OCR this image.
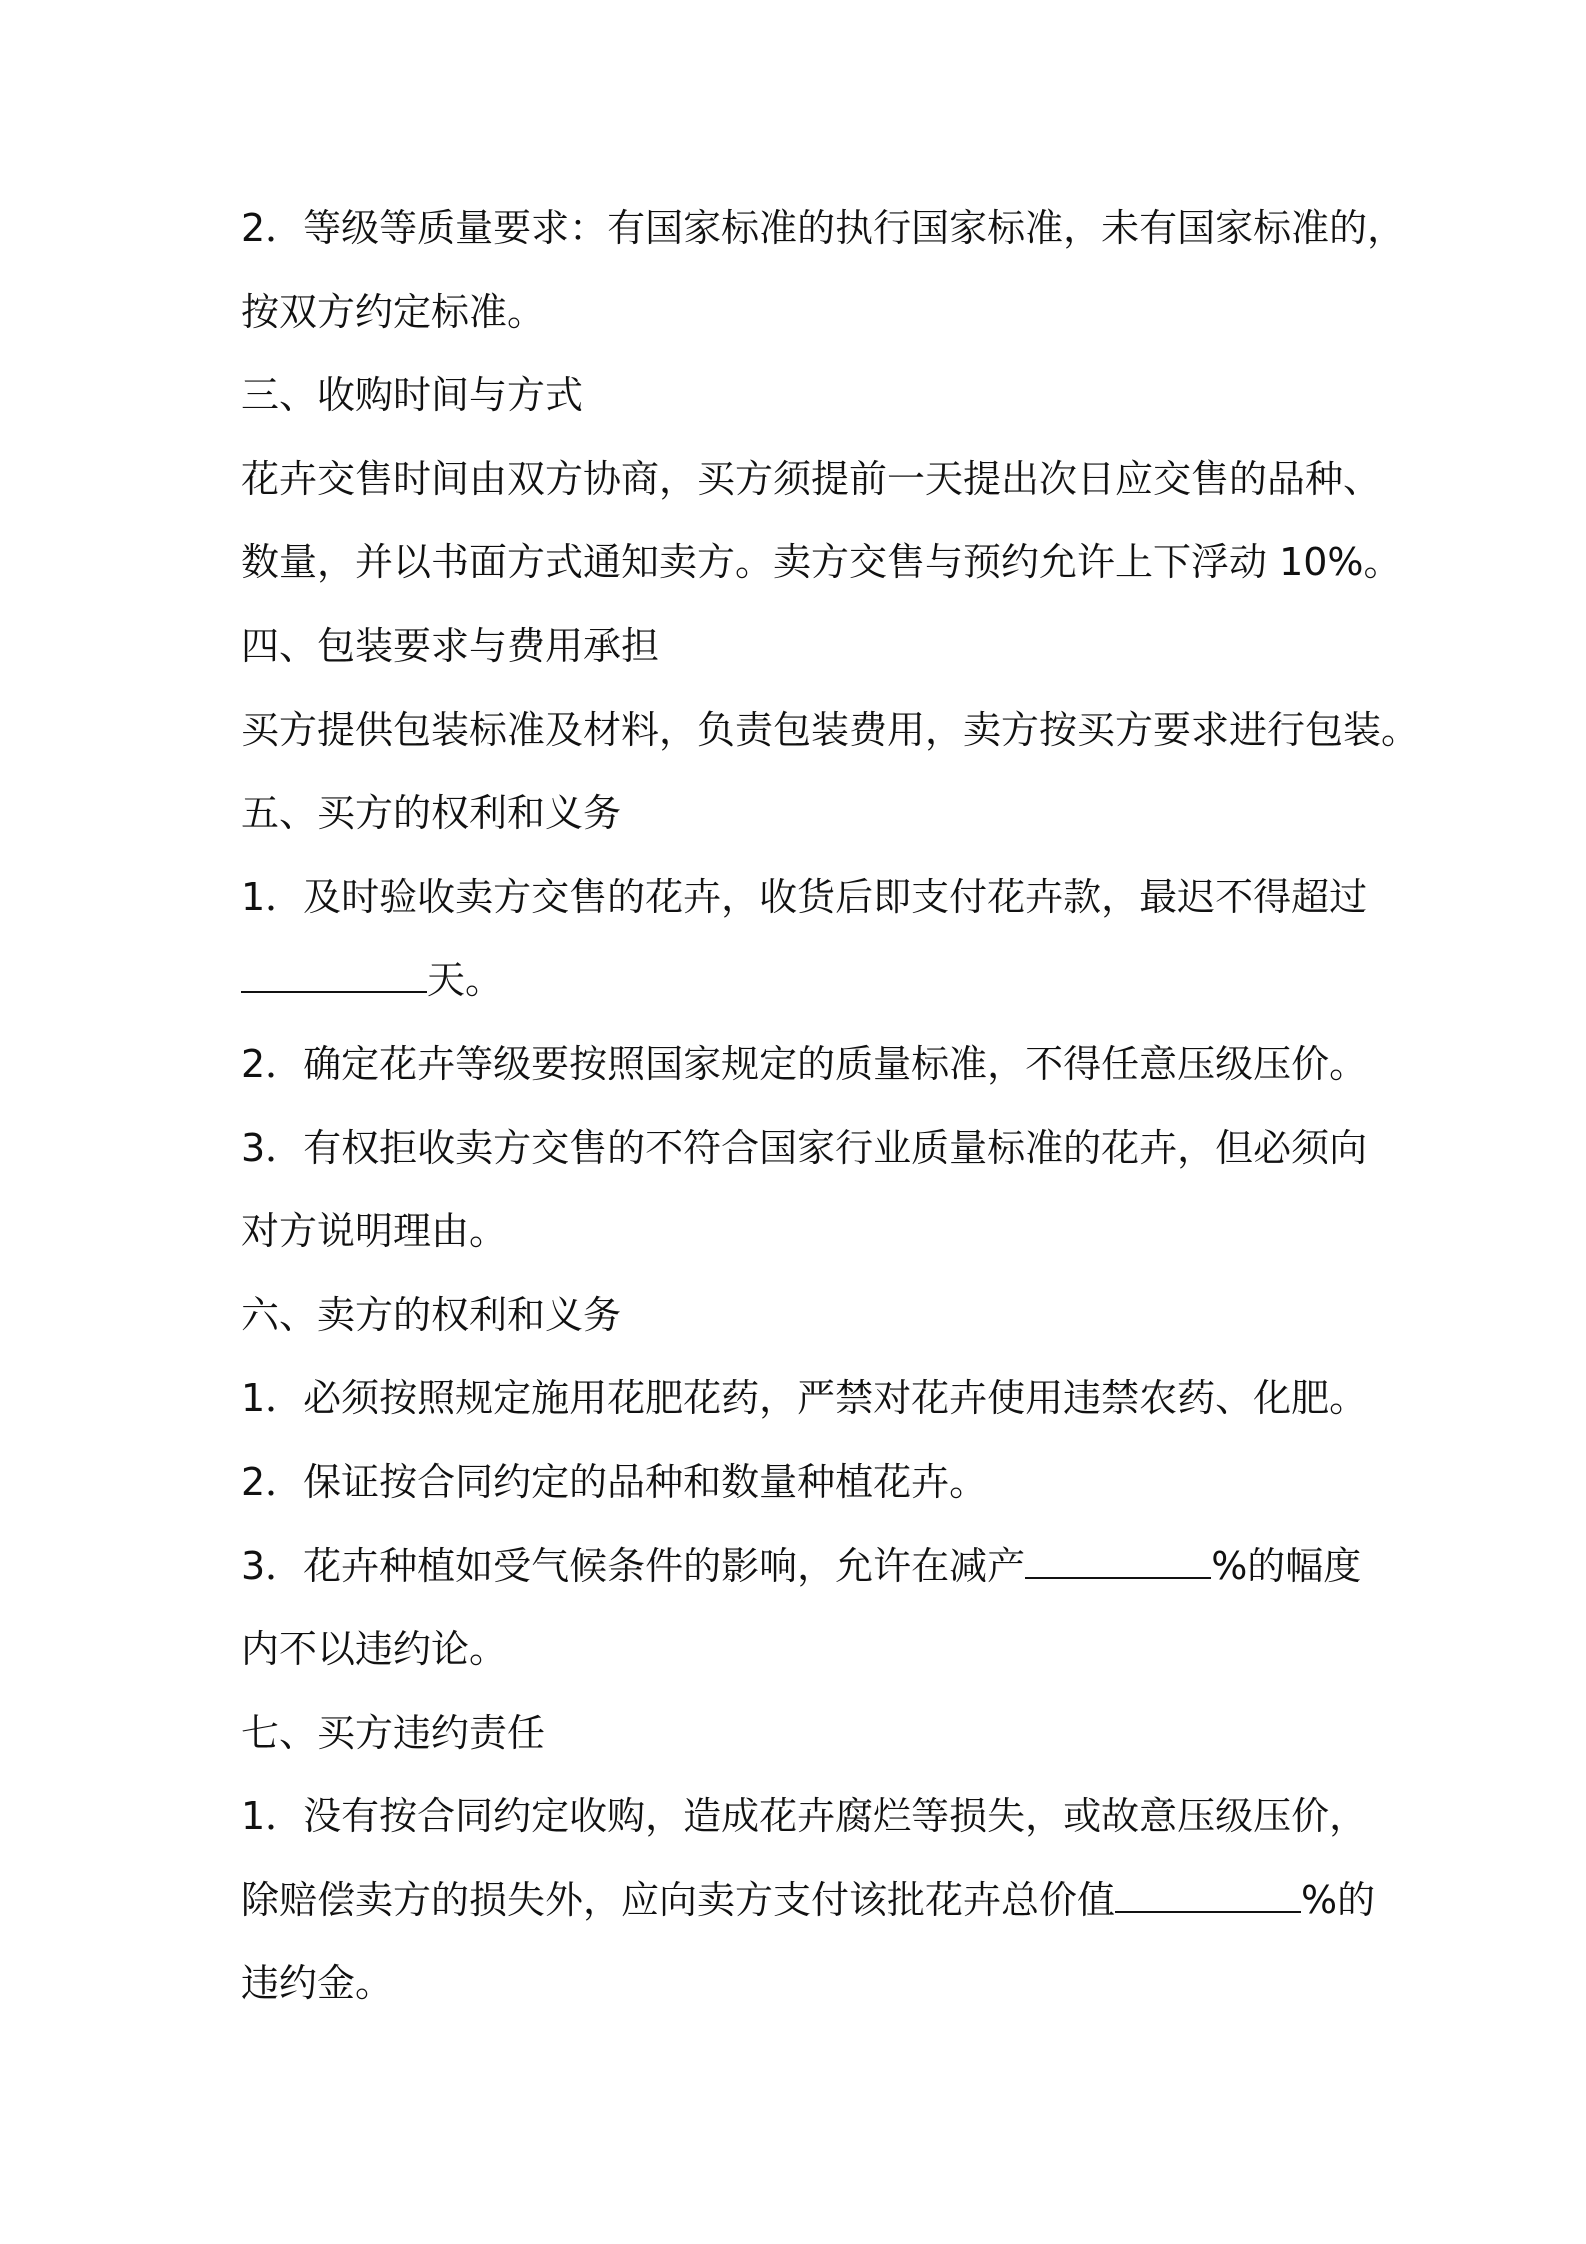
2．等级等质量要求：有国家标准的执行国家标准，未有国家标准的，
按双方约定标准。
三、收购时间与方式
花卉交售时间由双方协商，买方须提前一天提出次日应交售的品种、
数量，并以书面方式通知卖方。卖方交售与预约允许上下浮动 10%。
四、包装要求与费用承担
买方提供包装标准及材料，负责包装费用，卖方按买方要求进行包装。
五、买方的权利和义务
1．及时验收卖方交售的花卉，收货后即支付花卉款，最迟不得超过
天。
2．确定花卉等级要按照国家规定的质量标准，不得任意压级压价。
3．有权拒收卖方交售的不符合国家行业质量标准的花卉，但必须向
对方说明理由。
六、卖方的权利和义务
1．必须按照规定施用花肥花药，严禁对花卉使用违禁农药、化肥。
2．保证按合同约定的品种和数量种植花卉。
3．花卉种植如受气候条件的影响，允许在减产	%的幅度
内不以违约论。
七、买方违约责任
1．没有按合同约定收购，造成花卉腐烂等损失，或故意压级压价，
除赔偿卖方的损失外，应向卖方支付该批花卉总价值	%的
违约金。
